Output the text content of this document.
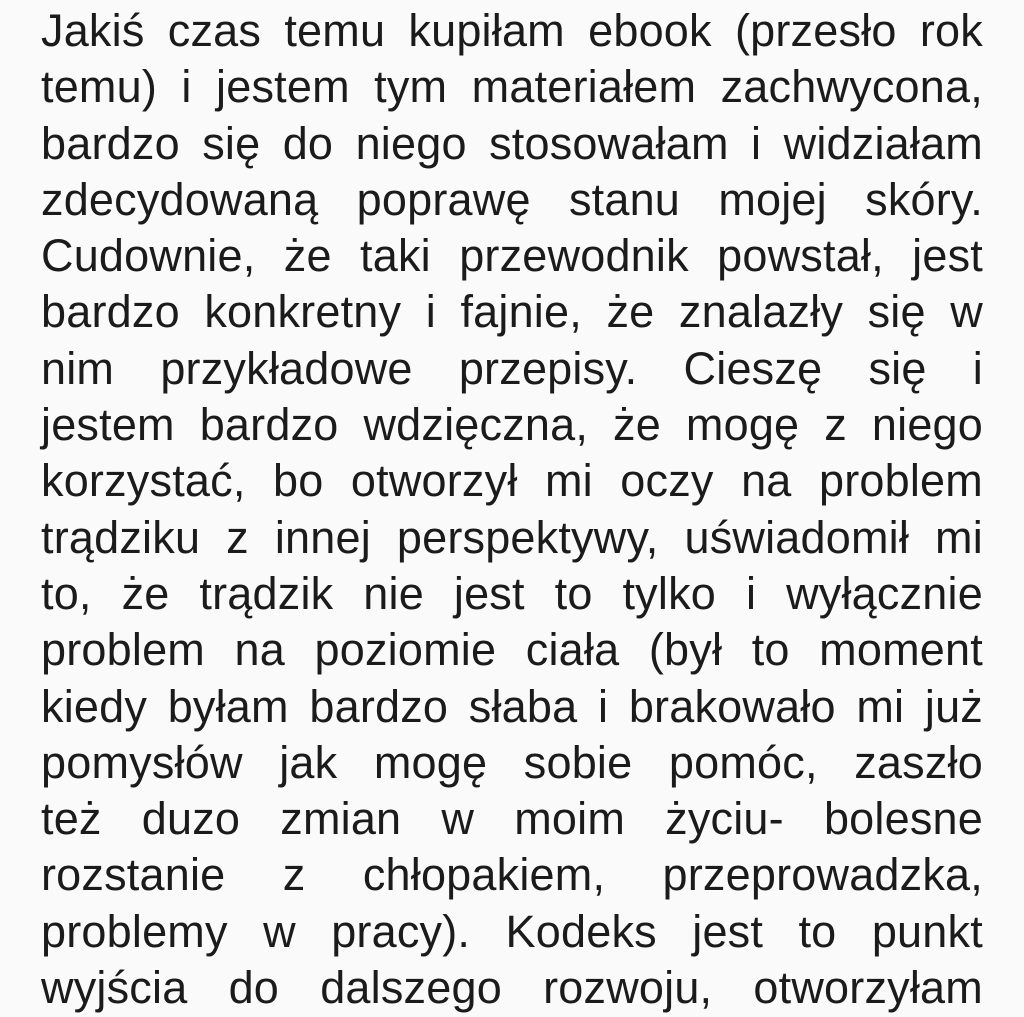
Jakiś czas temu kupiłam ebook (przesło rok
temu) i jestem tym materiałem zachwycona,
bardzo się do niego stosowałam i widziałam
zdecydowaną poprawę stanu mojej skóry.
Cudownie, że taki przewodnik powstał, jest
bardzo konkretny i fajnie, że znalazły się w
nim przykładowe przepisy. Cieszę się i
jestem bardzo wdzięczna, że mogę z niego
korzystać, bo otworzył mi oczy na problem
trądziku z innej perspektywy, uświadomił mi
to, że trądzik nie jest to tylko i wyłącznie
problem na poziomie ciała (był to moment
kiedy byłam bardzo słaba i brakowało mi już
pomysłów jak mogę sobie pomóc, zaszło
też duzo zmian w moim życiu- bolesne
rozstanie z chłopakiem, przeprowadzka,
problemy w pracy). Kodeks jest to punkt
wyjścia do dalszego rozwoju, otworzyłam
